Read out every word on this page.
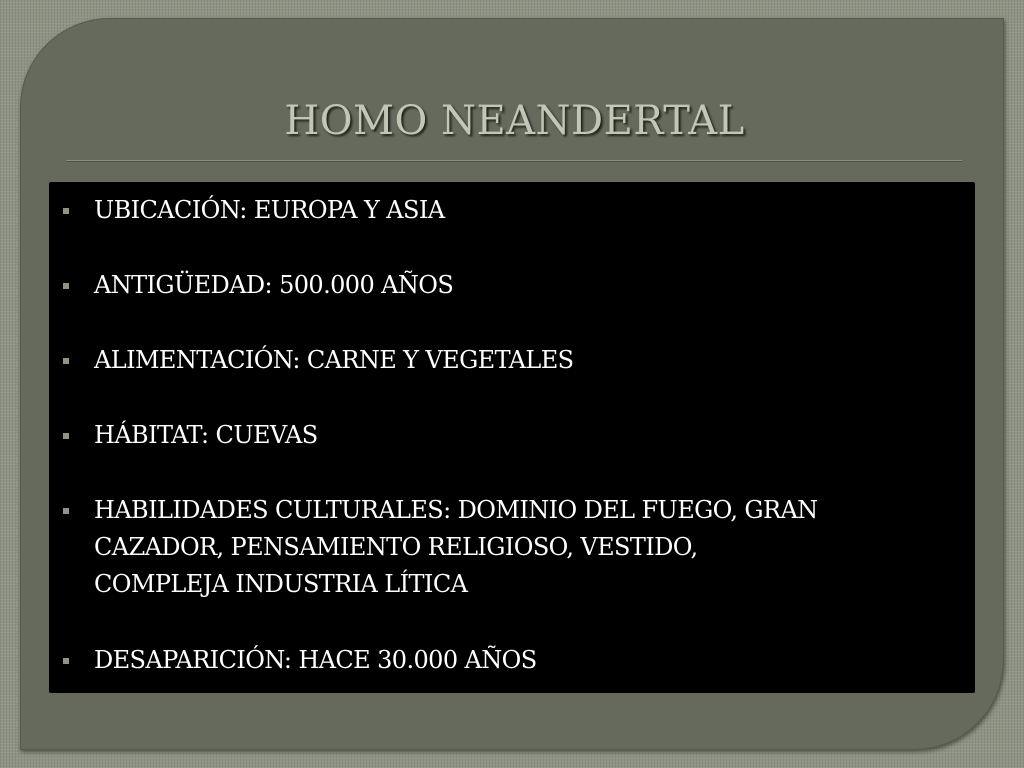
HOMO NEANDERTAL
UBICACIÓN: EUROPA Y ASIA
ANTIGÜEDAD: 500.000 AÑOS
ALIMENTACIÓN: CARNE Y VEGETALES
HÁBITAT: CUEVAS
HABILIDADES CULTURALES: DOMINIO DEL FUEGO, GRAN
CAZADOR, PENSAMIENTO RELIGIOSO, VESTIDO,
COMPLEJA INDUSTRIA LÍTICA
DESAPARICIÓN: HACE 30.000 AÑOS
